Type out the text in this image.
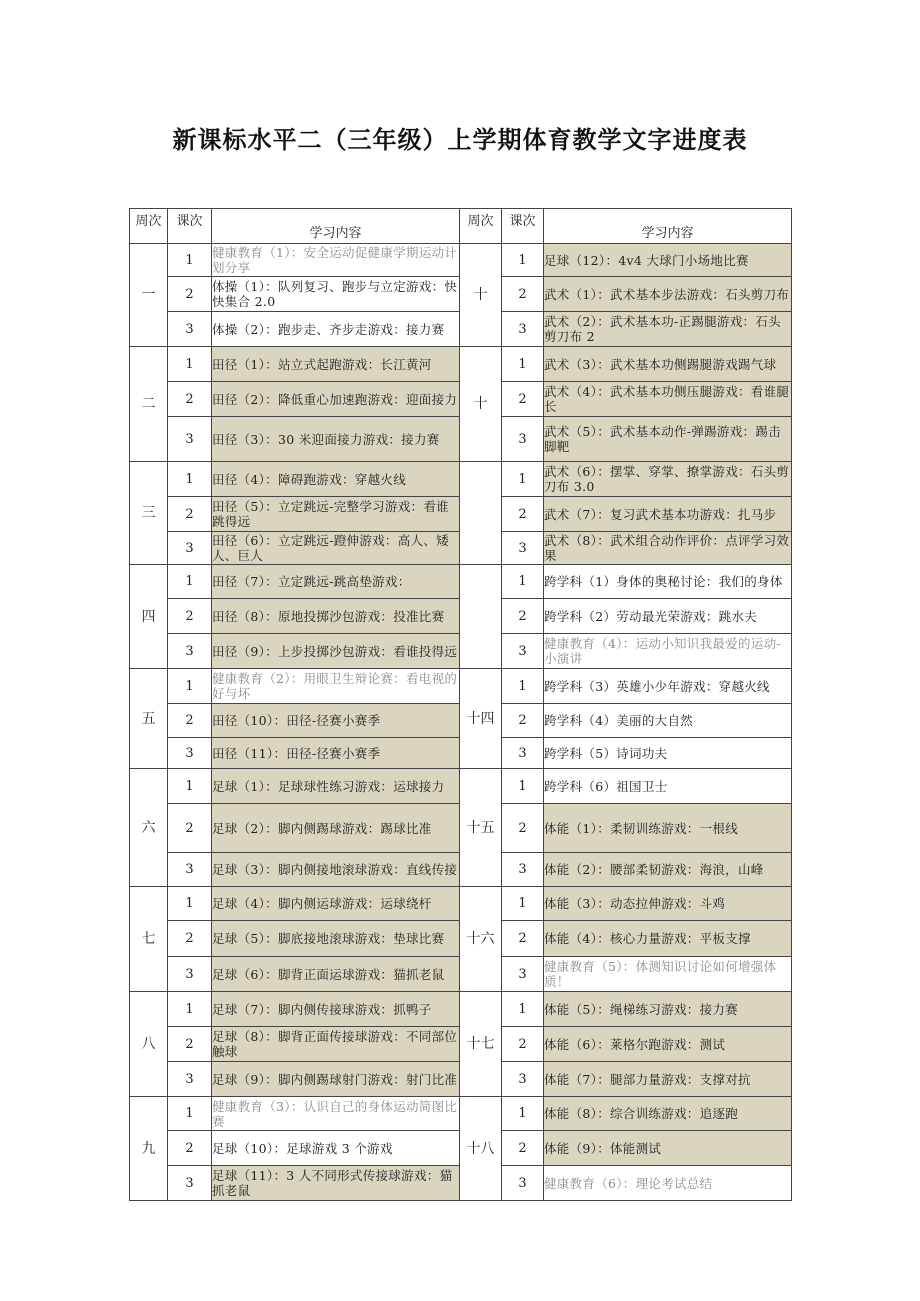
新课标水平二（三年级）上学期体育教学文字进度表
周次	课次	学习内容	周次	课次	学习内容
一	1	健康教育（1）：安全运动促健康学期运动计划分享	十	1	足球（12）：4v4 大球门小场地比赛
	2	体操（1）：队列复习、跑步与立定游戏：快快集合 2.0		2	武术（1）：武术基本步法游戏：石头剪刀布
	3	体操（2）：跑步走、齐步走游戏：接力赛		3	武术（2）：武术基本功-正踢腿游戏：石头剪刀布 2
二	1	田径（1）：站立式起跑游戏：长江黄河	十	1	武术（3）：武术基本功侧踢腿游戏踢气球
	2	田径（2）：降低重心加速跑游戏：迎面接力		2	武术（4）：武术基本功侧压腿游戏：看谁腿长
	3	田径（3）：30 米迎面接力游戏：接力赛		3	武术（5）：武术基本动作-弹踢游戏：踢击脚靶
三	1	田径（4）：障碍跑游戏：穿越火线		1	武术（6）：摆掌、穿掌、撩掌游戏：石头剪刀布 3.0
	2	田径（5）：立定跳远-完整学习游戏：看谁跳得远		2	武术（7）：复习武术基本功游戏：扎马步
	3	田径（6）：立定跳远-蹬伸游戏：高人、矮人、巨人		3	武术（8）：武术组合动作评价：点评学习效果
四	1	田径（7）：立定跳远-跳高垫游戏：		1	跨学科（1）身体的奥秘讨论：我们的身体
	2	田径（8）：原地投掷沙包游戏：投准比赛		2	跨学科（2）劳动最光荣游戏：跳水夫
	3	田径（9）：上步投掷沙包游戏：看谁投得远		3	健康教育（4）：运动小知识我最爱的运动-小演讲
五	1	健康教育（2）：用眼卫生辩论赛：看电视的好与坏	十四	1	跨学科（3）英雄小少年游戏：穿越火线
	2	田径（10）：田径-径赛小赛季		2	跨学科（4）美丽的大自然
	3	田径（11）：田径-径赛小赛季		3	跨学科（5）诗词功夫
六	1	足球（1）：足球球性练习游戏：运球接力	十五	1	跨学科（6）祖国卫士
	2	足球（2）：脚内侧踢球游戏：踢球比准		2	体能（1）：柔韧训练游戏：一根线
	3	足球（3）：脚内侧接地滚球游戏：直线传接		3	体能（2）：腰部柔韧游戏：海浪，山峰
七	1	足球（4）：脚内侧运球游戏：运球绕杆	十六	1	体能（3）：动态拉伸游戏：斗鸡
	2	足球（5）：脚底接地滚球游戏：垫球比赛		2	体能（4）：核心力量游戏：平板支撑
	3	足球（6）：脚背正面运球游戏：猫抓老鼠		3	健康教育（5）：体测知识讨论如何增强体质！
八	1	足球（7）：脚内侧传接球游戏：抓鸭子	十七	1	体能（5）：绳梯练习游戏：接力赛
	2	足球（8）：脚背正面传接球游戏：不同部位触球		2	体能（6）：莱格尔跑游戏：测试
	3	足球（9）：脚内侧踢球射门游戏：射门比准		3	体能（7）：腿部力量游戏：支撑对抗
九	1	健康教育（3）：认识自己的身体运动简图比赛	十八	1	体能（8）：综合训练游戏：追逐跑
	2	足球（10）：足球游戏 3 个游戏		2	体能（9）：体能测试
	3	足球（11）：3 人不同形式传接球游戏：猫抓老鼠		3	健康教育（6）：理论考试总结
